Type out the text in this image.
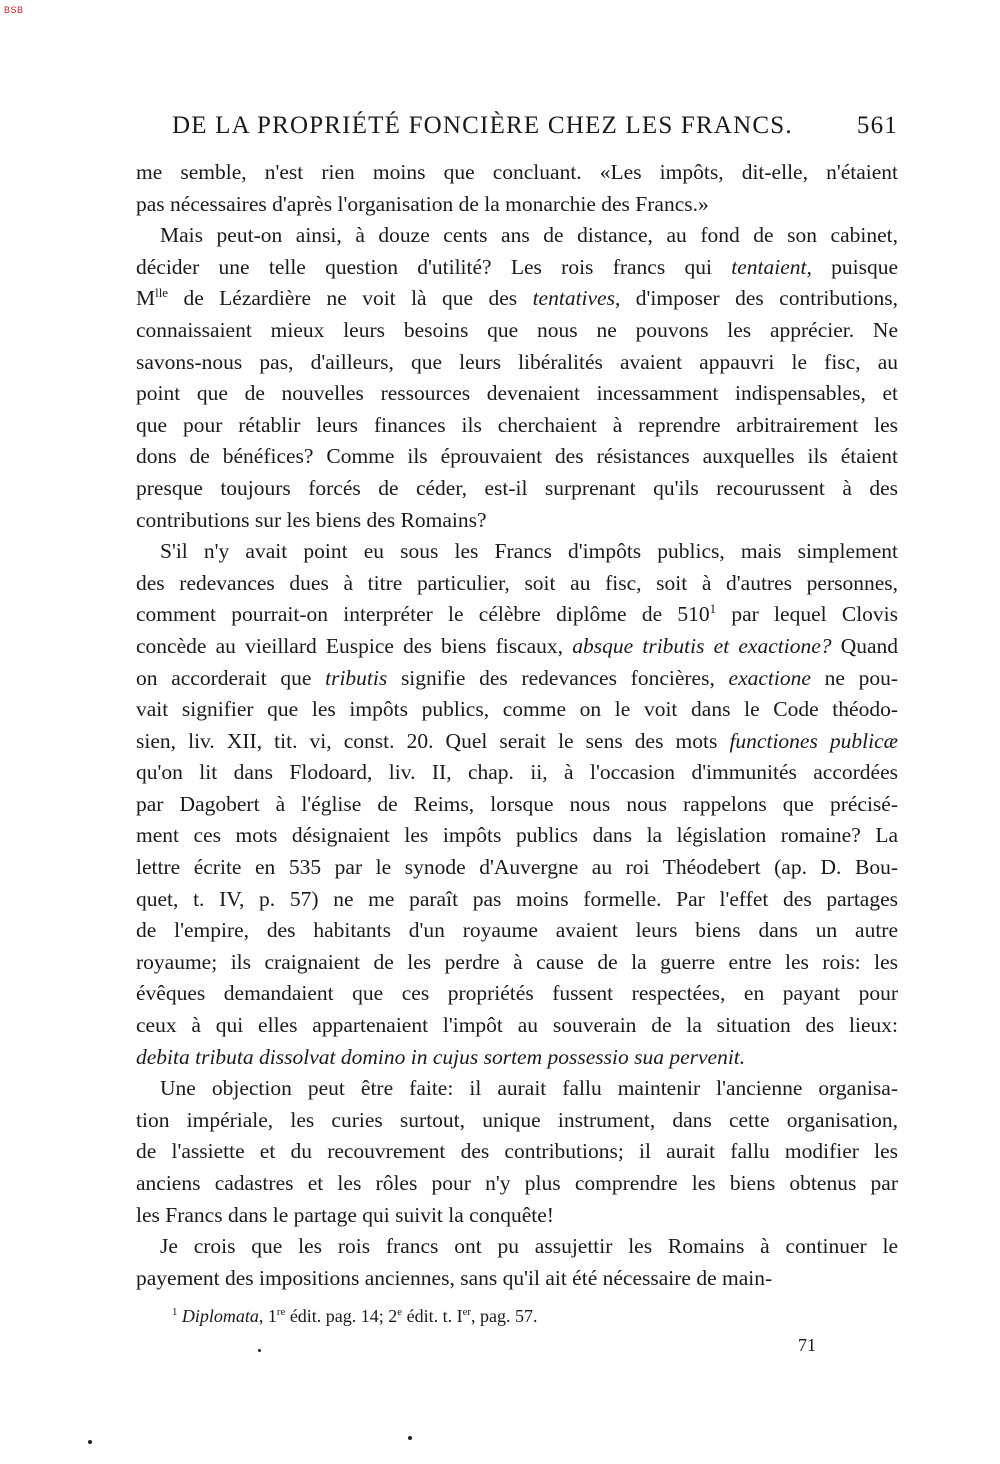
BSB
DE LA PROPRIÉTÉ FONCIÈRE CHEZ LES FRANCS.	561

me semble, n'est rien moins que concluant. «Les impôts, dit-elle, n'étaient
pas nécessaires d'après l'organisation de la monarchie des Francs.»

Mais peut-on ainsi, à douze cents ans de distance, au fond de son cabinet,
décider une telle question d'utilité? Les rois francs qui tentaient, puisque
$M^{lle}$ de Lézardière ne voit là que des tentatives, d'imposer des contributions,
connaissaient mieux leurs besoins que nous ne pouvons les apprécier. Ne
savons-nous pas, d'ailleurs, que leurs libéralités avaient appauvri le fisc, au
point que de nouvelles ressources devenaient incessamment indispensables, et
que pour rétablir leurs finances ils cherchaient à reprendre arbitrairement les
dons de bénéfices? Comme ils éprouvaient des résistances auxquelles ils étaient
presque toujours forcés de céder, est-il surprenant qu'ils recourussent à des
contributions sur les biens des Romains?

S'il n'y avait point eu sous les Francs d'impôts publics, mais simplement
des redevances dues à titre particulier, soit au fisc, soit à d'autres personnes,
comment pourrait-on interpréter le célèbre diplôme de $510^1$ par lequel Clovis
concède au vieillard Euspice des biens fiscaux, absque tributis et exactione? Quand
on accorderait que tributis signifie des redevances foncières, exactione ne pou-
vait signifier que les impôts publics, comme on le voit dans le Code théodo-
sien, liv. XII, tit. vi, const. 20. Quel serait le sens des mots functiones publicæ
qu'on lit dans Flodoard, liv. II, chap. ii, à l'occasion d'immunités accordées
par Dagobert à l'église de Reims, lorsque nous nous rappelons que précisé-
ment ces mots désignaient les impôts publics dans la législation romaine? La
lettre écrite en 535 par le synode d'Auvergne au roi Théodebert (ap. D. Bou-
quet, t. IV, p. 57) ne me paraît pas moins formelle. Par l'effet des partages
de l'empire, des habitants d'un royaume avaient leurs biens dans un autre
royaume; ils craignaient de les perdre à cause de la guerre entre les rois: les
évêques demandaient que ces propriétés fussent respectées, en payant pour
ceux à qui elles appartenaient l'impôt au souverain de la situation des lieux:
debita tributa dissolvat domino in cujus sortem possessio sua pervenit.

Une objection peut être faite: il aurait fallu maintenir l'ancienne organisa-
tion impériale, les curies surtout, unique instrument, dans cette organisation,
de l'assiette et du recouvrement des contributions; il aurait fallu modifier les
anciens cadastres et les rôles pour n'y plus comprendre les biens obtenus par
les Francs dans le partage qui suivit la conquête!

Je crois que les rois francs ont pu assujettir les Romains à continuer le
payement des impositions anciennes, sans qu'il ait été nécessaire de main-

$^1$ Diplomata, 1re édit. pag. 14; 2e édit. t. Ier, pag. 57.
71
